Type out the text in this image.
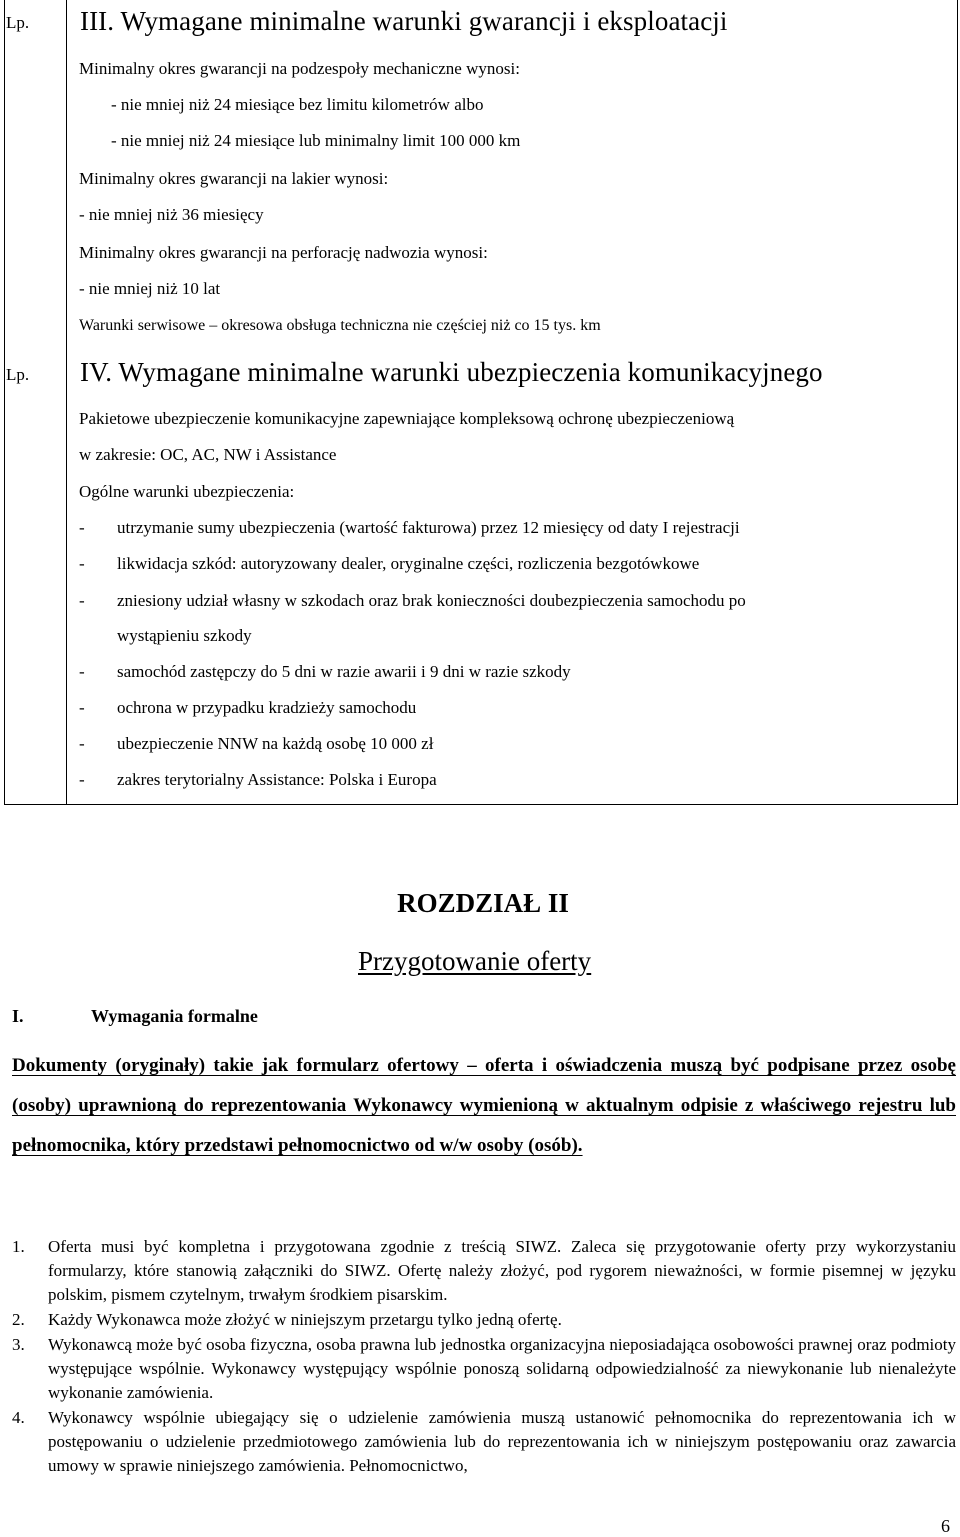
Lp. III. Wymagane minimalne warunki gwarancji i eksploatacji
Minimalny okres gwarancji na podzespoły mechaniczne wynosi:
- nie mniej niż 24 miesiące bez limitu kilometrów albo
- nie mniej niż 24 miesiące lub minimalny limit 100 000 km
Minimalny okres gwarancji na lakier wynosi:
- nie mniej niż 36 miesięcy
Minimalny okres gwarancji na perforację nadwozia wynosi:
- nie mniej niż 10 lat
Warunki serwisowe – okresowa obsługa techniczna nie częściej niż co 15 tys. km
Lp. IV. Wymagane minimalne warunki ubezpieczenia komunikacyjnego
Pakietowe ubezpieczenie komunikacyjne zapewniające kompleksową ochronę ubezpieczeniową
w zakresie: OC, AC, NW i Assistance
Ogólne warunki ubezpieczenia:
- utrzymanie sumy ubezpieczenia (wartość fakturowa) przez 12 miesięcy od daty I rejestracji
- likwidacja szkód: autoryzowany dealer, oryginalne części, rozliczenia bezgotówkowe
- zniesiony udział własny w szkodach oraz brak konieczności doubezpieczenia samochodu po
wystąpieniu szkody
- samochód zastępczy do 5 dni w razie awarii i 9 dni w razie szkody
- ochrona w przypadku kradzieży samochodu
- ubezpieczenie NNW na każdą osobę 10 000 zł
- zakres terytorialny Assistance: Polska i Europa
ROZDZIAŁ II
Przygotowanie oferty
I.	Wymagania formalne
Dokumenty (oryginały) takie jak formularz ofertowy – oferta i oświadczenia muszą być podpisane przez osobę (osoby) uprawnioną do reprezentowania Wykonawcy wymienioną w aktualnym odpisie z właściwego rejestru lub pełnomocnika, który przedstawi pełnomocnictwo od w/w osoby (osób).
1. Oferta musi być kompletna i przygotowana zgodnie z treścią SIWZ. Zaleca się przygotowanie oferty przy wykorzystaniu formularzy, które stanowią załączniki do SIWZ. Ofertę należy złożyć, pod rygorem nieważności, w formie pisemnej w języku polskim, pismem czytelnym, trwałym środkiem pisarskim.
2. Każdy Wykonawca może złożyć w niniejszym przetargu tylko jedną ofertę.
3. Wykonawcą może być osoba fizyczna, osoba prawna lub jednostka organizacyjna nieposiadająca osobowości prawnej oraz podmioty występujące wspólnie. Wykonawcy występujący wspólnie ponoszą solidarną odpowiedzialność za niewykonanie lub nienależyte wykonanie zamówienia.
4. Wykonawcy wspólnie ubiegający się o udzielenie zamówienia muszą ustanowić pełnomocnika do reprezentowania ich w postępowaniu o udzielenie przedmiotowego zamówienia lub do reprezentowania ich w niniejszym postępowaniu oraz zawarcia umowy w sprawie niniejszego zamówienia. Pełnomocnictwo,
6
